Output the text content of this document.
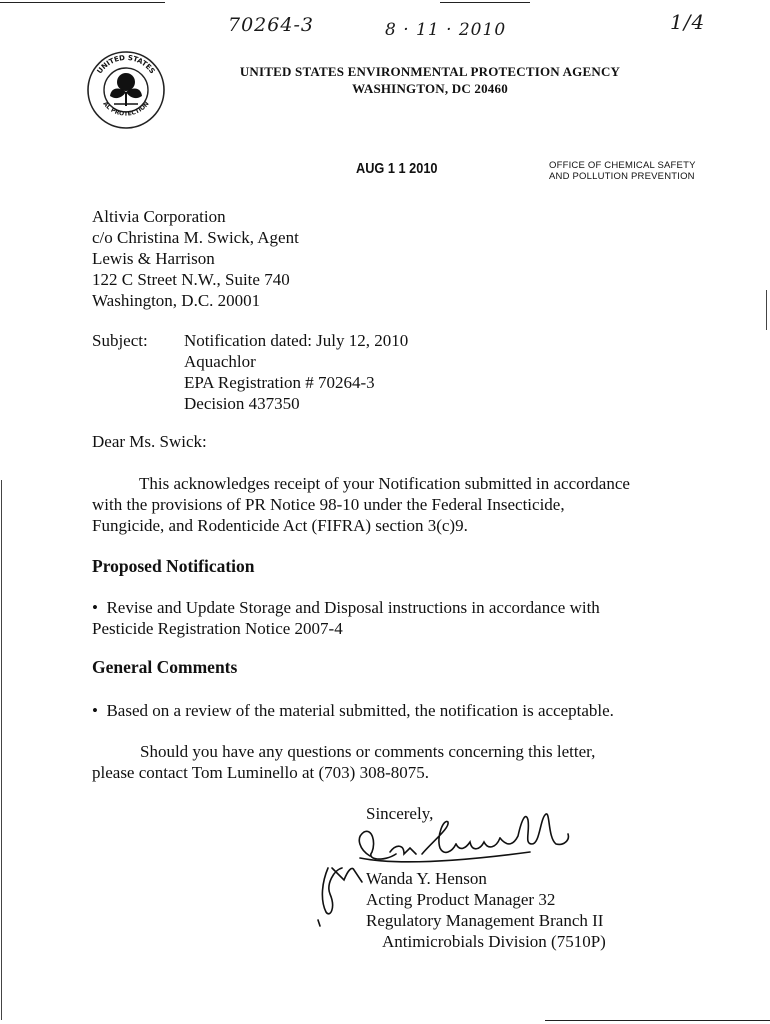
70264-3	8 · 11 · 2010	1/4
UNITED STATES
AL PROTECTION
UNITED STATES ENVIRONMENTAL PROTECTION AGENCY
WASHINGTON, DC 20460
AUG 1 1 2010	OFFICE OF CHEMICAL SAFETY
AND POLLUTION PREVENTION
Altivia Corporation
c/o Christina M. Swick, Agent
Lewis & Harrison
122 C Street N.W., Suite 740
Washington, D.C. 20001
Subject: Notification dated: July 12, 2010
Aquachlor
EPA Registration # 70264-3
Decision 437350
Dear Ms. Swick:
This acknowledges receipt of your Notification submitted in accordance
with the provisions of PR Notice 98-10 under the Federal Insecticide,
Fungicide, and Rodenticide Act (FIFRA) section 3(c)9.
Proposed Notification
• Revise and Update Storage and Disposal instructions in accordance with
Pesticide Registration Notice 2007-4
General Comments
• Based on a review of the material submitted, the notification is acceptable.
Should you have any questions or comments concerning this letter,
please contact Tom Luminello at (703) 308-8075.
Sincerely,
Wanda Y. Henson
Acting Product Manager 32
Regulatory Management Branch II
Antimicrobials Division (7510P)
